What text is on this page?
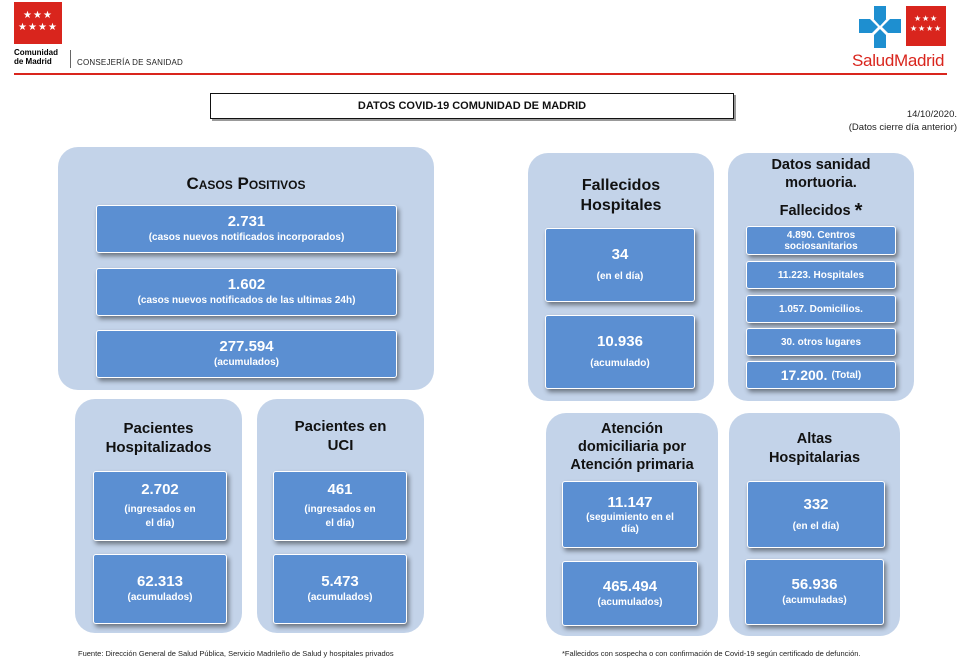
★ ★ ★
★ ★ ★ ★
Comunidad
de Madrid	CONSEJERÍA DE SANIDAD
★ ★ ★
★ ★ ★ ★
SaludMadrid
DATOS COVID-19 COMUNIDAD DE MADRID
14/10/2020.
(Datos cierre día anterior)
Casos Positivos
2.731
(casos nuevos notificados incorporados)
1.602
(casos nuevos notificados de las ultimas 24h)
277.594
(acumulados)
Pacientes
Hospitalizados
2.702
(ingresados en
el día)
62.313
(acumulados)
Pacientes en
UCI
461
(ingresados en
el día)
5.473
(acumulados)
Fallecidos
Hospitales
34
(en el día)
10.936
(acumulado)
Datos sanidad
mortuoria.
Fallecidos *
4.890. Centros
sociosanitarios
11.223. Hospitales
1.057. Domicilios.
30. otros lugares
17.200. (Total)
Atención
domiciliaria por
Atención primaria
11.147
(seguimiento en el
día)
465.494
(acumulados)
Altas
Hospitalarias
332
(en el día)
56.936
(acumuladas)
Fuente: Dirección General de Salud Pública, Servicio Madrileño de Salud y hospitales privados	*Fallecidos con sospecha o con confirmación de Covid-19 según certificado de defunción.
